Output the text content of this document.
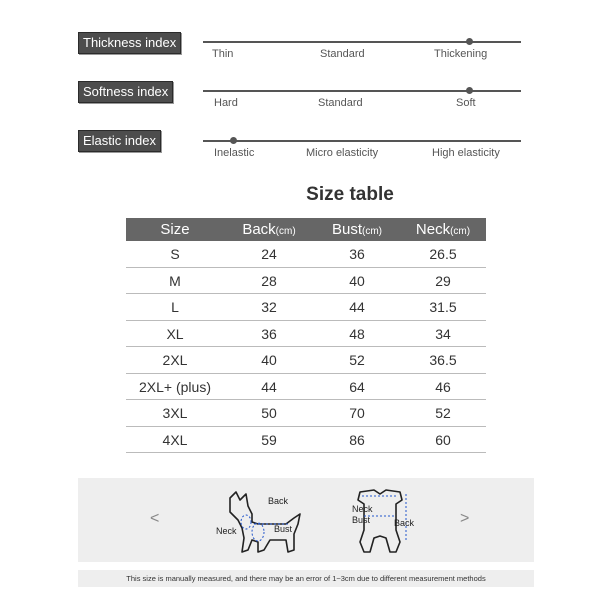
Thickness index
Thin	Standard	Thickening
Softness index
Hard	Standard	Soft
Elastic index
Inelastic	Micro elasticity	High elasticity
Size table
Size	Back(cm)	Bust(cm)	Neck(cm)
S	24	36	26.5
M	28	40	29
L	32	44	31.5
XL	36	48	34
2XL	40	52	36.5
2XL+ (plus)	44	64	46
3XL	50	70	52
4XL	59	86	60
<	>
Back
Neck	Bust
Neck
Bust	Back
This size is manually measured, and there may be an error of 1~3cm due to different measurement methods
